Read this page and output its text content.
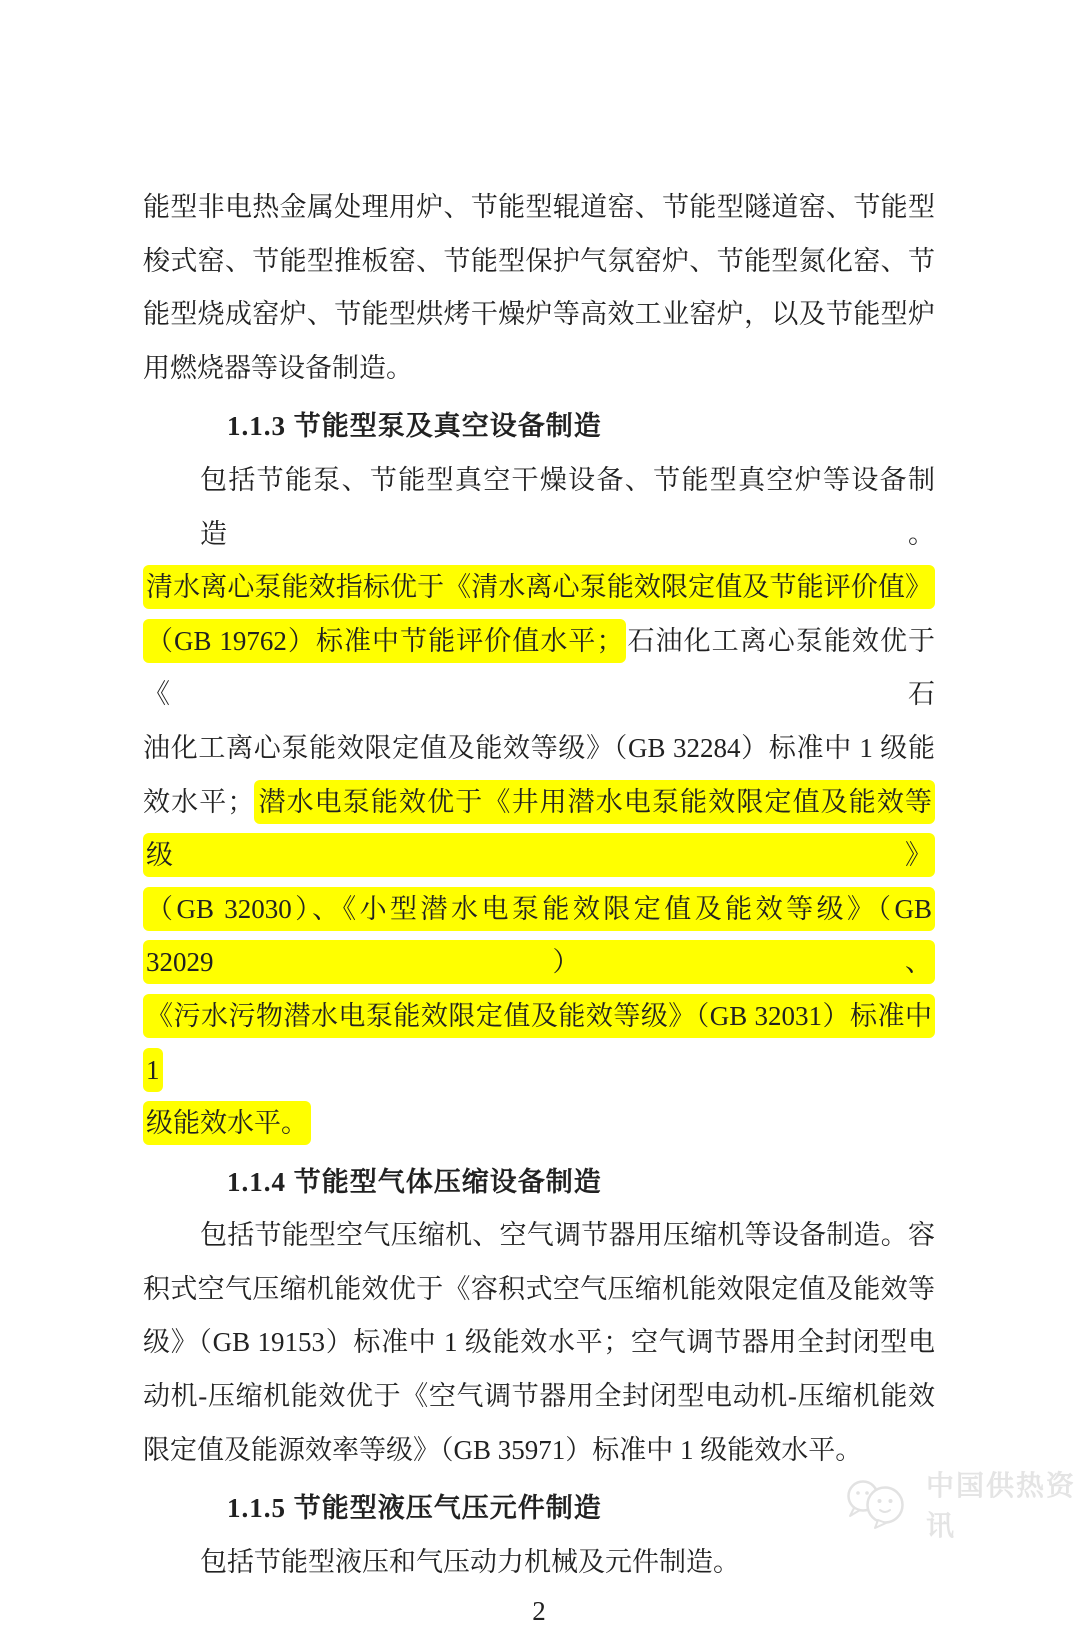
能型非电热金属处理用炉、节能型辊道窑、节能型隧道窑、节能型
梭式窑、节能型推板窑、节能型保护气氛窑炉、节能型氮化窑、节
能型烧成窑炉、节能型烘烤干燥炉等高效工业窑炉，以及节能型炉
用燃烧器等设备制造。
1.1.3 节能型泵及真空设备制造
包括节能泵、节能型真空干燥设备、节能型真空炉等设备制造。
清水离心泵能效指标优于《清水离心泵能效限定值及节能评价值》
（GB 19762）标准中节能评价值水平； 石油化工离心泵能效优于《石
油化工离心泵能效限定值及能效等级》（GB 32284）标准中 1 级能
效水平； 潜水电泵能效优于《井用潜水电泵能效限定值及能效等级》
（GB 32030）、《小型潜水电泵能效限定值及能效等级》（GB 32029）、
《污水污物潜水电泵能效限定值及能效等级》（GB 32031）标准中 1
级能效水平。
1.1.4 节能型气体压缩设备制造
包括节能型空气压缩机、空气调节器用压缩机等设备制造。容
积式空气压缩机能效优于《容积式空气压缩机能效限定值及能效等
级》（GB 19153）标准中 1 级能效水平；空气调节器用全封闭型电
动机-压缩机能效优于《空气调节器用全封闭型电动机-压缩机能效
限定值及能源效率等级》（GB 35971）标准中 1 级能效水平。
1.1.5 节能型液压气压元件制造
包括节能型液压和气压动力机械及元件制造。
2
中国供热资讯
